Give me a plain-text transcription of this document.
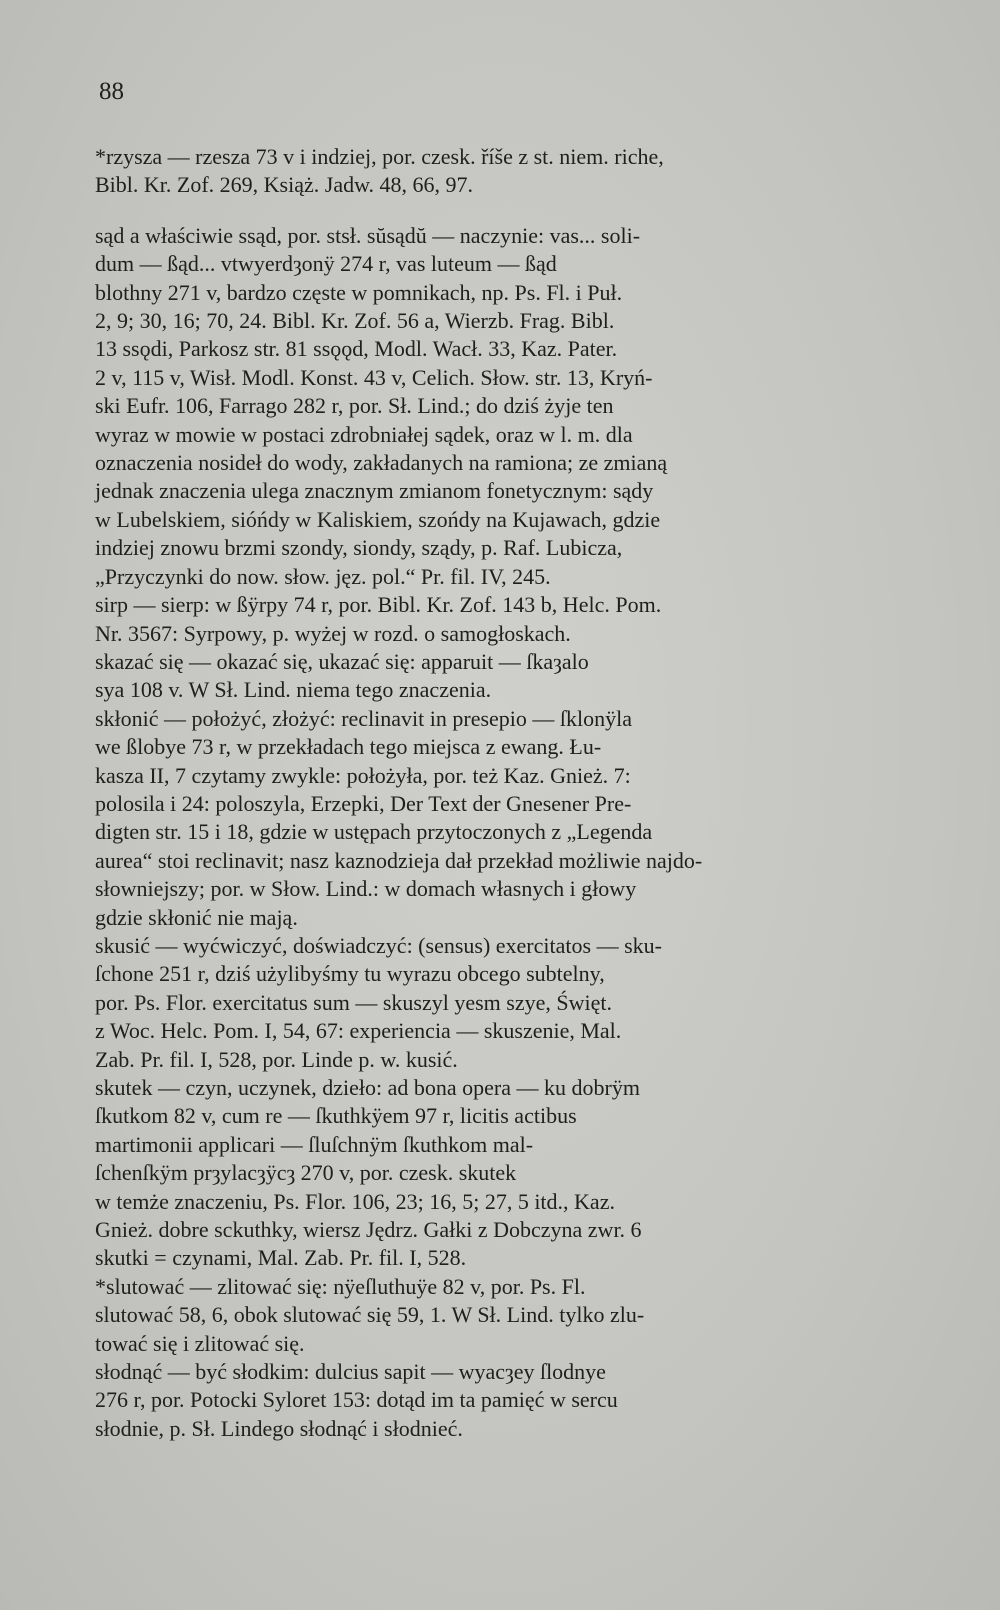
88

*rzysza — rzesza 73 v i indziej, por. czesk. říše z st. niem. riche,
Bibl. Kr. Zof. 269, Książ. Jadw. 48, 66, 97.

sąd a właściwie ssąd, por. stsł. sŭsądŭ — naczynie: vas... soli-
dum — ßąd... vtwyerdȝonÿ 274 r, vas luteum — ßąd
blothny 271 v, bardzo częste w pomnikach, np. Ps. Fl. i Puł.
2, 9; 30, 16; 70, 24. Bibl. Kr. Zof. 56 a, Wierzb. Frag. Bibl.
13 ssǫdi, Parkosz str. 81 ssǫǫd, Modl. Wacł. 33, Kaz. Pater.
2 v, 115 v, Wisł. Modl. Konst. 43 v, Celich. Słow. str. 13, Kryń-
ski Eufr. 106, Farrago 282 r, por. Sł. Lind.; do dziś żyje ten
wyraz w mowie w postaci zdrobniałej sądek, oraz w l. m. dla
oznaczenia nosideł do wody, zakładanych na ramiona; ze zmianą
jednak znaczenia ulega znacznym zmianom fonetycznym: sądy
w Lubelskiem, sióńdy w Kaliskiem, szońdy na Kujawach, gdzie
indziej znowu brzmi szondy, siondy, sządy, p. Raf. Lubicza,
„Przyczynki do now. słow. jęz. pol.“ Pr. fil. IV, 245.

sirp — sierp: w ßÿrpy 74 r, por. Bibl. Kr. Zof. 143 b, Helc. Pom.
Nr. 3567: Syrpowy, p. wyżej w rozd. o samogłoskach.

skazać się — okazać się, ukazać się: apparuit — ſkaȝalo
sya 108 v. W Sł. Lind. niema tego znaczenia.

skłonić — położyć, złożyć: reclinavit in presepio — ſklonÿla
we ßlobye 73 r, w przekładach tego miejsca z ewang. Łu-
kasza II, 7 czytamy zwykle: położyła, por. też Kaz. Gnież. 7:
polosila i 24: poloszyla, Erzepki, Der Text der Gnesener Pre-
digten str. 15 i 18, gdzie w ustępach przytoczonych z „Legenda
aurea“ stoi reclinavit; nasz kaznodzieja dał przekład możliwie najdo-
słowniejszy; por. w Słow. Lind.: w domach własnych i głowy
gdzie skłonić nie mają.

skusić — wyćwiczyć, doświadczyć: (sensus) exercitatos — sku-
ſchone 251 r, dziś użylibyśmy tu wyrazu obcego subtelny,
por. Ps. Flor. exercitatus sum — skuszyl yesm szye, Święt.
z Woc. Helc. Pom. I, 54, 67: experiencia — skuszenie, Mal.
Zab. Pr. fil. I, 528, por. Linde p. w. kusić.

skutek — czyn, uczynek, dzieło: ad bona opera — ku dobrÿm
ſkutkom 82 v, cum re — ſkuthkÿem 97 r, licitis actibus
martimonii applicari — ſluſchnÿm ſkuthkom mal-
ſchenſkÿm prȝylacȝÿcȝ 270 v, por. czesk. skutek
w temże znaczeniu, Ps. Flor. 106, 23; 16, 5; 27, 5 itd., Kaz.
Gnież. dobre sckuthky, wiersz Jędrz. Gałki z Dobczyna zwr. 6
skutki = czynami, Mal. Zab. Pr. fil. I, 528.

*slutować — zlitować się: nÿeſluthuÿe 82 v, por. Ps. Fl.
slutować 58, 6, obok slutować się 59, 1. W Sł. Lind. tylko zlu-
tować się i zlitować się.

słodnąć — być słodkim: dulcius sapit — wyacȝey ſlodnye
276 r, por. Potocki Syloret 153: dotąd im ta pamięć w sercu
słodnie, p. Sł. Lindego słodnąć i słodnieć.
